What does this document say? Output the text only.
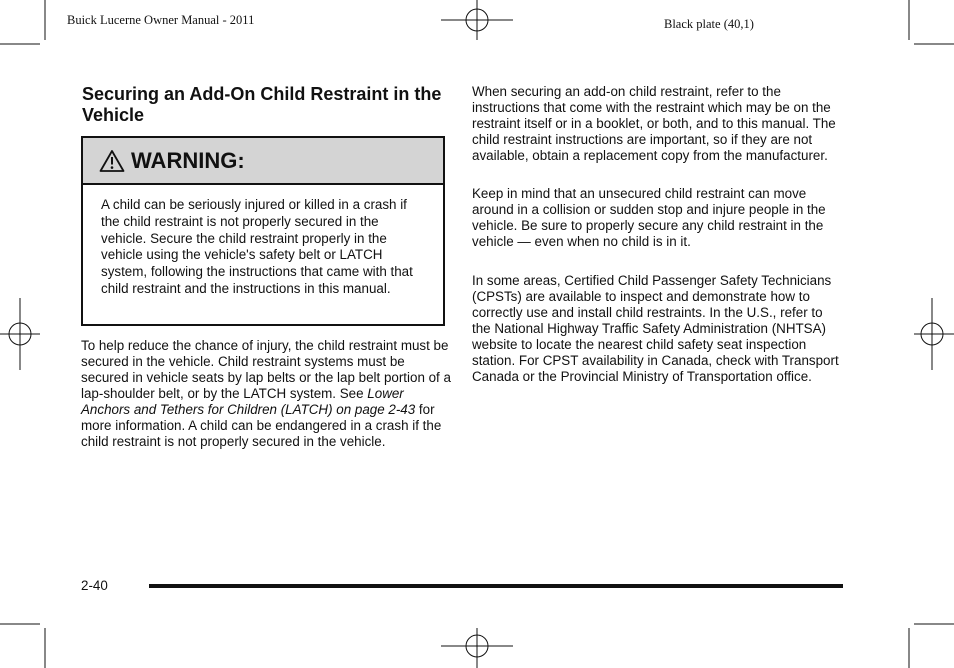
Buick Lucerne Owner Manual - 2011	Black plate (40,1)
Securing an Add-On Child Restraint in the Vehicle
WARNING:

A child can be seriously injured or killed in a crash if the child restraint is not properly secured in the vehicle. Secure the child restraint properly in the vehicle using the vehicle's safety belt or LATCH system, following the instructions that came with that child restraint and the instructions in this manual.

To help reduce the chance of injury, the child restraint must be secured in the vehicle. Child restraint systems must be secured in vehicle seats by lap belts or the lap belt portion of a lap-shoulder belt, or by the LATCH system. See Lower Anchors and Tethers for Children (LATCH) on page 2-43 for more information. A child can be endangered in a crash if the child restraint is not properly secured in the vehicle.

When securing an add-on child restraint, refer to the instructions that come with the restraint which may be on the restraint itself or in a booklet, or both, and to this manual. The child restraint instructions are important, so if they are not available, obtain a replacement copy from the manufacturer.

Keep in mind that an unsecured child restraint can move around in a collision or sudden stop and injure people in the vehicle. Be sure to properly secure any child restraint in the vehicle — even when no child is in it.

In some areas, Certified Child Passenger Safety Technicians (CPSTs) are available to inspect and demonstrate how to correctly use and install child restraints. In the U.S., refer to the National Highway Traffic Safety Administration (NHTSA) website to locate the nearest child safety seat inspection station. For CPST availability in Canada, check with Transport Canada or the Provincial Ministry of Transportation office.

2-40
